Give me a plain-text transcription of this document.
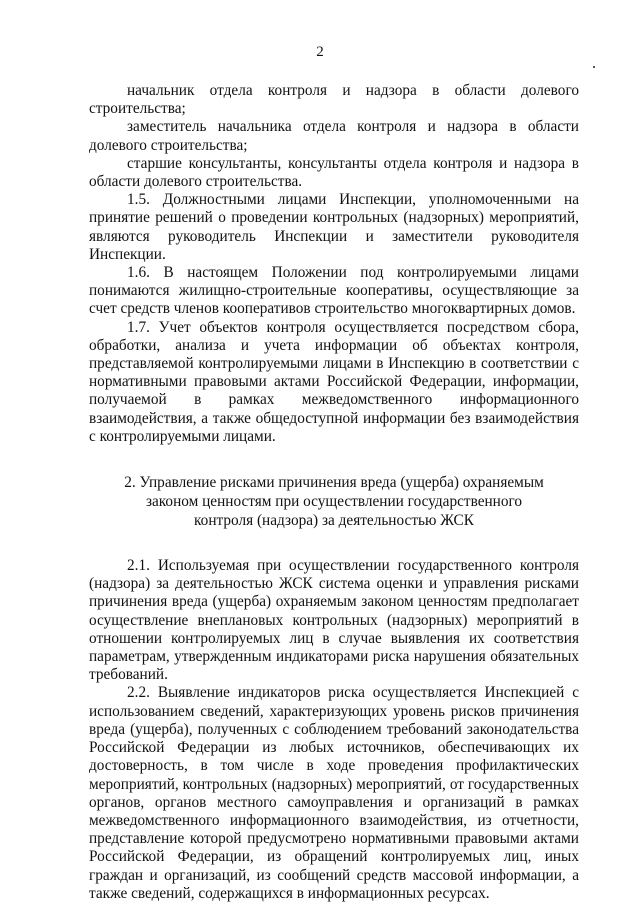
2

начальник отдела контроля и надзора в области долевого строительства;

заместитель начальника отдела контроля и надзора в области долевого строительства;

старшие консультанты, консультанты отдела контроля и надзора в области долевого строительства.

1.5. Должностными лицами Инспекции, уполномоченными на принятие решений о проведении контрольных (надзорных) мероприятий, являются руководитель Инспекции и заместители руководителя Инспекции.

1.6. В настоящем Положении под контролируемыми лицами понимаются жилищно-строительные кооперативы, осуществляющие за счет средств членов кооперативов строительство многоквартирных домов.

1.7. Учет объектов контроля осуществляется посредством сбора, обработки, анализа и учета информации об объектах контроля, представляемой контролируемыми лицами в Инспекцию в соответствии с нормативными правовыми актами Российской Федерации, информации, получаемой в рамках межведомственного информационного взаимодействия, а также общедоступной информации без взаимодействия с контролируемыми лицами.

2. Управление рисками причинения вреда (ущерба) охраняемым

законом ценностям при осуществлении государственного

контроля (надзора) за деятельностью ЖСК

2.1. Используемая при осуществлении государственного контроля (надзора) за деятельностью ЖСК система оценки и управления рисками причинения вреда (ущерба) охраняемым законом ценностям предполагает осуществление внеплановых контрольных (надзорных) мероприятий в отношении контролируемых лиц в случае выявления их соответствия параметрам, утвержденным индикаторами риска нарушения обязательных требований.

2.2. Выявление индикаторов риска осуществляется Инспекцией с использованием сведений, характеризующих уровень рисков причинения вреда (ущерба), полученных с соблюдением требований законодательства Российской Федерации из любых источников, обеспечивающих их достоверность, в том числе в ходе проведения профилактических мероприятий, контрольных (надзорных) мероприятий, от государственных органов, органов местного самоуправления и организаций в рамках межведомственного информационного взаимодействия, из отчетности, представление которой предусмотрено нормативными правовыми актами Российской Федерации, из обращений контролируемых лиц, иных граждан и организаций, из сообщений средств массовой информации, а также сведений, содержащихся в информационных ресурсах.
